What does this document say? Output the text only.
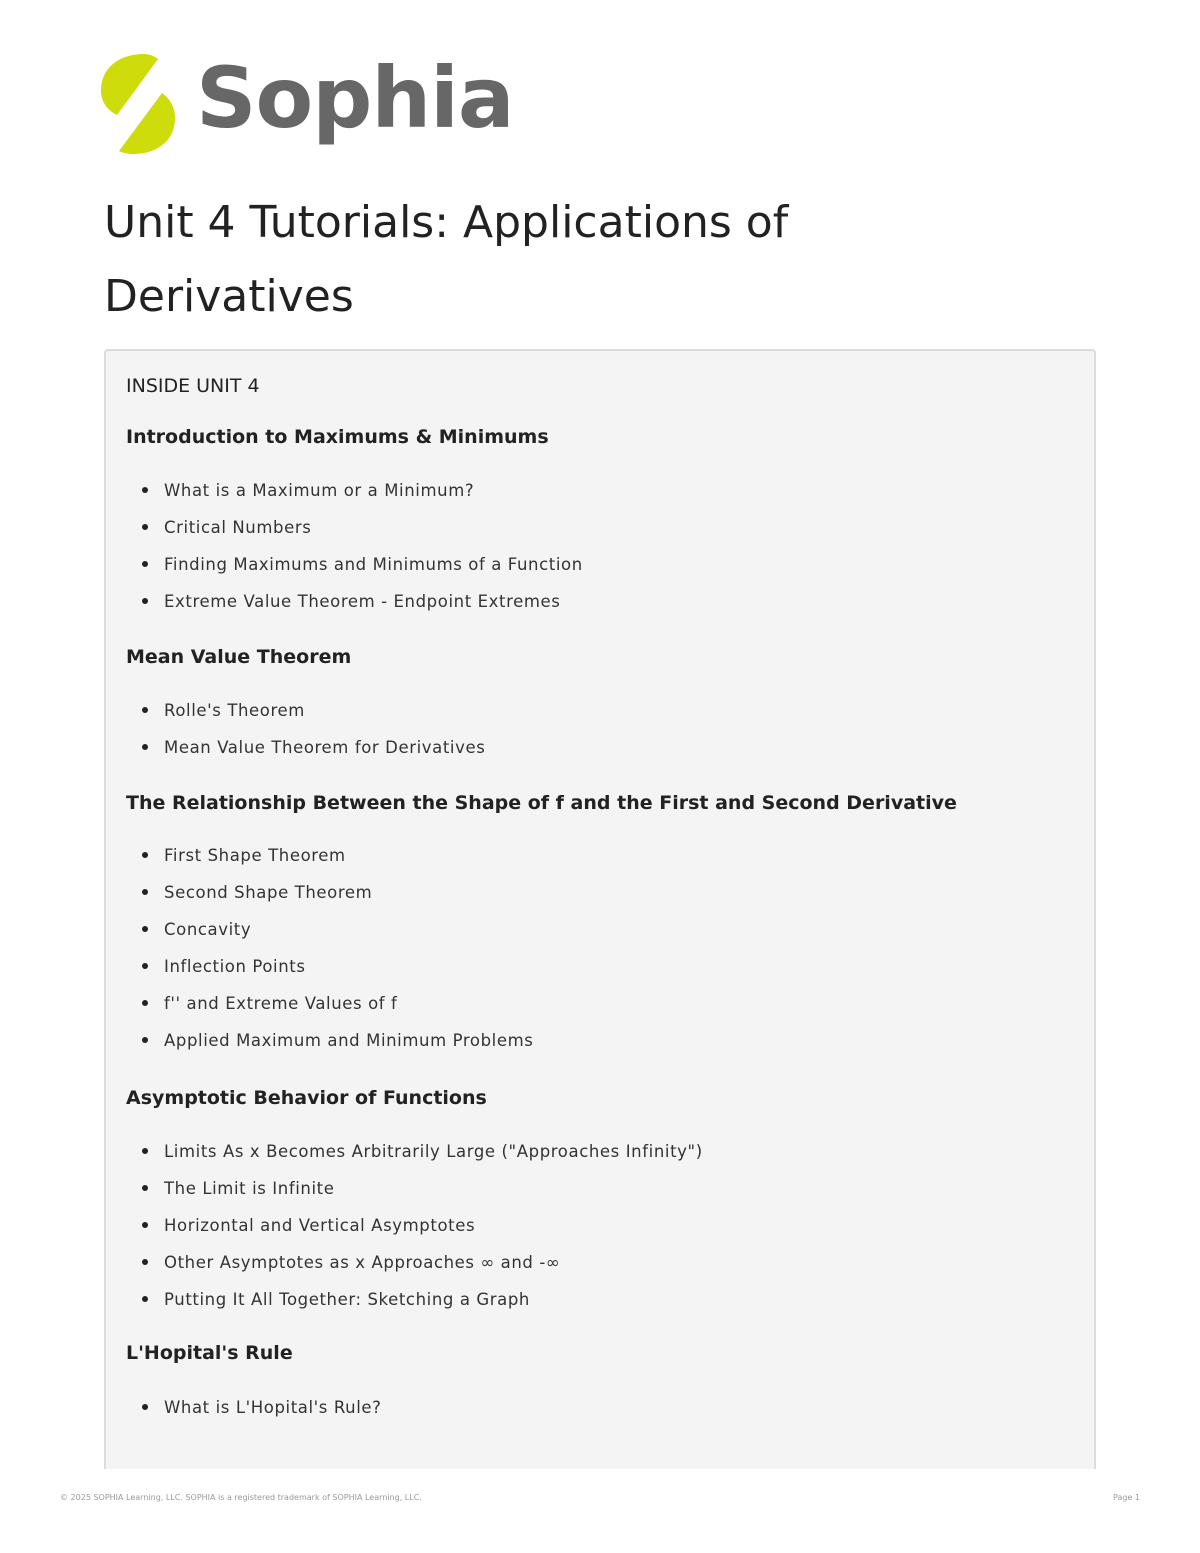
Sophia
Unit 4 Tutorials: Applications of Derivatives
INSIDE UNIT 4
Introduction to Maximums & Minimums
What is a Maximum or a Minimum?
Critical Numbers
Finding Maximums and Minimums of a Function
Extreme Value Theorem - Endpoint Extremes
Mean Value Theorem
Rolle's Theorem
Mean Value Theorem for Derivatives
The Relationship Between the Shape of f and the First and Second Derivative
First Shape Theorem
Second Shape Theorem
Concavity
Inflection Points
f'' and Extreme Values of f
Applied Maximum and Minimum Problems
Asymptotic Behavior of Functions
Limits As x Becomes Arbitrarily Large ("Approaches Infinity")
The Limit is Infinite
Horizontal and Vertical Asymptotes
Other Asymptotes as x Approaches ∞ and -∞
Putting It All Together: Sketching a Graph
L'Hopital's Rule
What is L'Hopital's Rule?
© 2025 SOPHIA Learning, LLC. SOPHIA is a registered trademark of SOPHIA Learning, LLC.	Page 1
